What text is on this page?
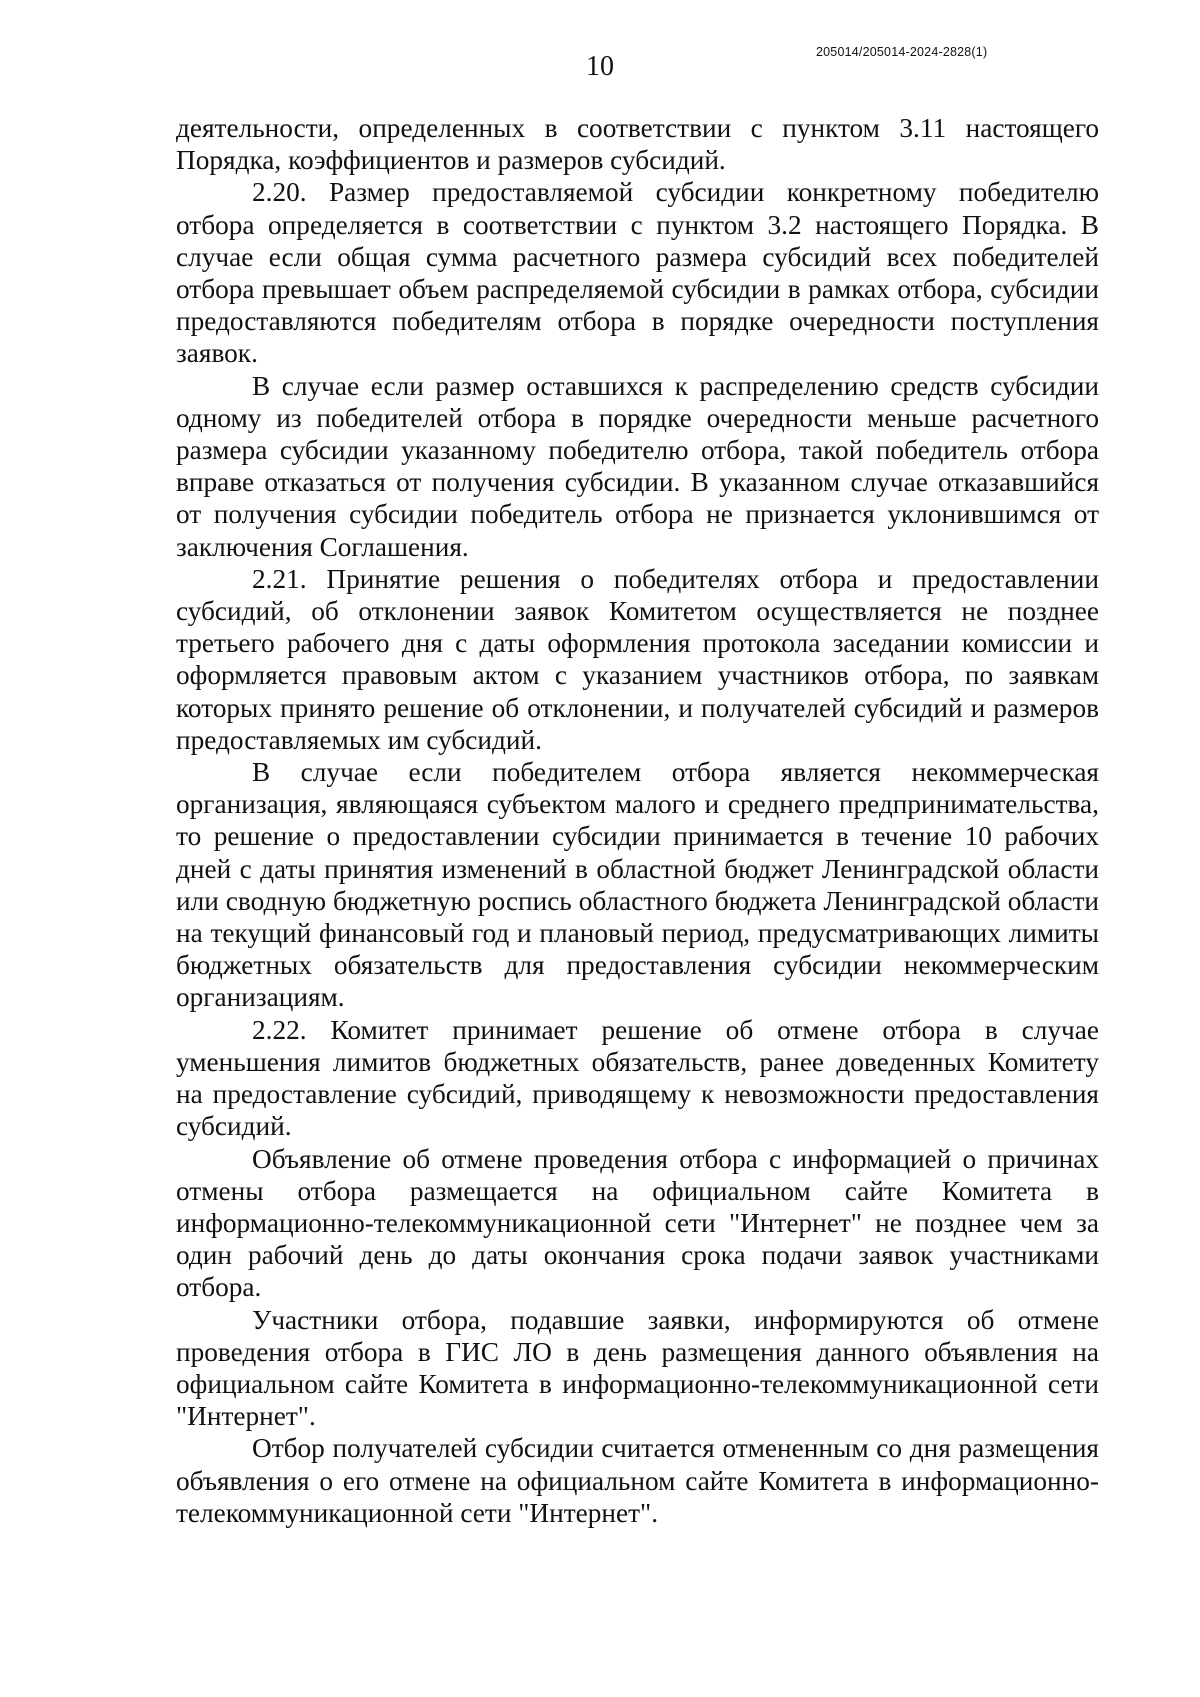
10	205014/205014-2024-2828(1)

деятельности, определенных в соответствии с пунктом 3.11 настоящего Порядка, коэффициентов и размеров субсидий.

2.20. Размер предоставляемой субсидии конкретному победителю отбора определяется в соответствии с пунктом 3.2 настоящего Порядка. В случае если общая сумма расчетного размера субсидий всех победителей отбора превышает объем распределяемой субсидии в рамках отбора, субсидии предоставляются победителям отбора в порядке очередности поступления заявок.

В случае если размер оставшихся к распределению средств субсидии одному из победителей отбора в порядке очередности меньше расчетного размера субсидии указанному победителю отбора, такой победитель отбора вправе отказаться от получения субсидии. В указанном случае отказавшийся от получения субсидии победитель отбора не признается уклонившимся от заключения Соглашения.

2.21. Принятие решения о победителях отбора и предоставлении субсидий, об отклонении заявок Комитетом осуществляется не позднее третьего рабочего дня с даты оформления протокола заседании комиссии и оформляется правовым актом с указанием участников отбора, по заявкам которых принято решение об отклонении, и получателей субсидий и размеров предоставляемых им субсидий.

В случае если победителем отбора является некоммерческая организация, являющаяся субъектом малого и среднего предпринимательства, то решение о предоставлении субсидии принимается в течение 10 рабочих дней с даты принятия изменений в областной бюджет Ленинградской области или сводную бюджетную роспись областного бюджета Ленинградской области на текущий финансовый год и плановый период, предусматривающих лимиты бюджетных обязательств для предоставления субсидии некоммерческим организациям.

2.22. Комитет принимает решение об отмене отбора в случае уменьшения лимитов бюджетных обязательств, ранее доведенных Комитету на предоставление субсидий, приводящему к невозможности предоставления субсидий.

Объявление об отмене проведения отбора с информацией о причинах отмены отбора размещается на официальном сайте Комитета в информационно-телекоммуникационной сети "Интернет" не позднее чем за один рабочий день до даты окончания срока подачи заявок участниками отбора.

Участники отбора, подавшие заявки, информируются об отмене проведения отбора в ГИС ЛО в день размещения данного объявления на официальном сайте Комитета в информационно-телекоммуникационной сети "Интернет".

Отбор получателей субсидии считается отмененным со дня размещения объявления о его отмене на официальном сайте Комитета в информационно-телекоммуникационной сети "Интернет".
